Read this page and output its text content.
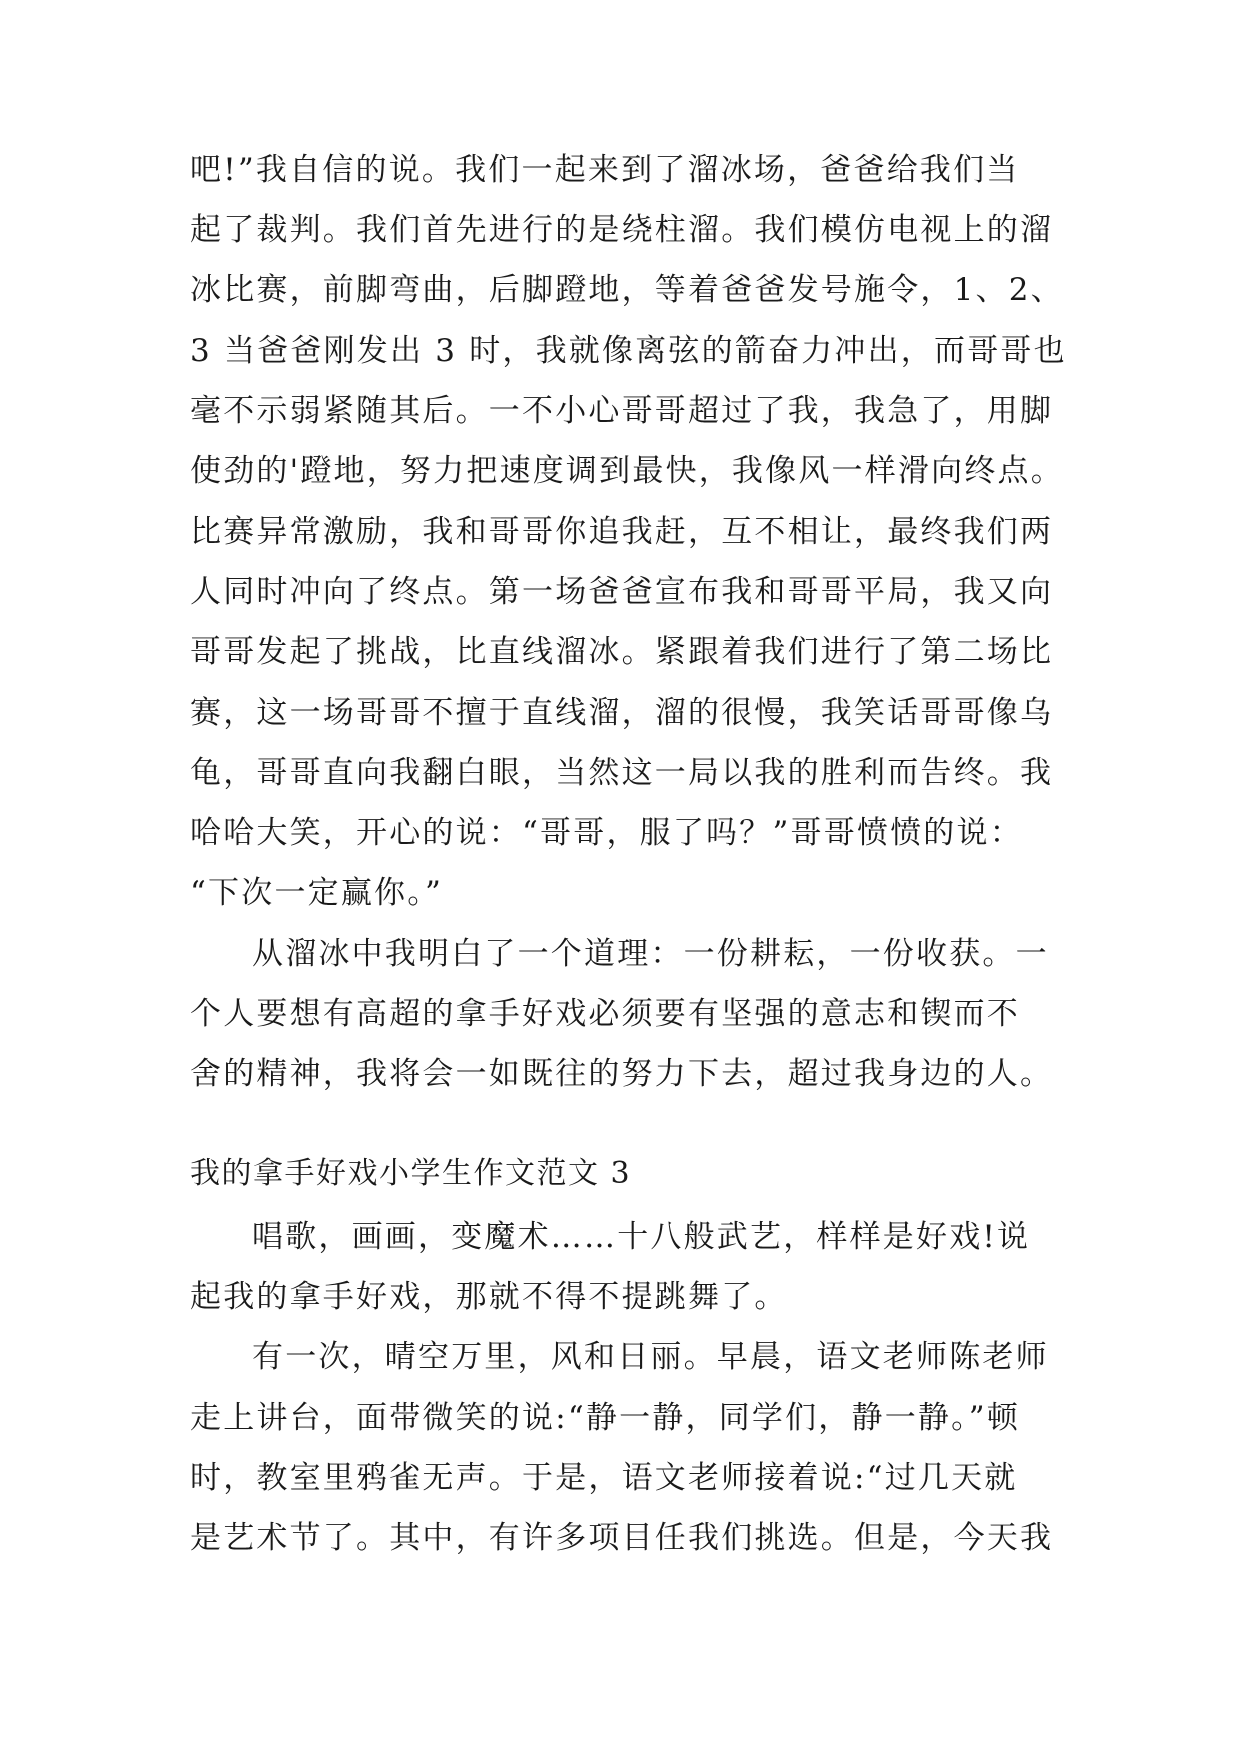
吧!”我自信的说。我们一起来到了溜冰场，爸爸给我们当
起了裁判。我们首先进行的是绕柱溜。我们模仿电视上的溜
冰比赛，前脚弯曲，后脚蹬地，等着爸爸发号施令，1、2、
3 当爸爸刚发出 3 时，我就像离弦的箭奋力冲出，而哥哥也
毫不示弱紧随其后。一不小心哥哥超过了我，我急了，用脚
使劲的'蹬地，努力把速度调到最快，我像风一样滑向终点。
比赛异常激励，我和哥哥你追我赶，互不相让，最终我们两
人同时冲向了终点。第一场爸爸宣布我和哥哥平局，我又向
哥哥发起了挑战，比直线溜冰。紧跟着我们进行了第二场比
赛，这一场哥哥不擅于直线溜，溜的很慢，我笑话哥哥像乌
龟，哥哥直向我翻白眼，当然这一局以我的胜利而告终。我
哈哈大笑，开心的说：“哥哥，服了吗？”哥哥愤愤的说：
“下次一定赢你。”
从溜冰中我明白了一个道理：一份耕耘，一份收获。一
个人要想有高超的拿手好戏必须要有坚强的意志和锲而不
舍的精神，我将会一如既往的努力下去，超过我身边的人。
我的拿手好戏小学生作文范文 3
唱歌，画画，变魔术……十八般武艺，样样是好戏!说
起我的拿手好戏，那就不得不提跳舞了。
有一次，晴空万里，风和日丽。早晨，语文老师陈老师
走上讲台，面带微笑的说:“静一静，同学们，静一静。”顿
时，教室里鸦雀无声。于是，语文老师接着说:“过几天就
是艺术节了。其中，有许多项目任我们挑选。但是，今天我
